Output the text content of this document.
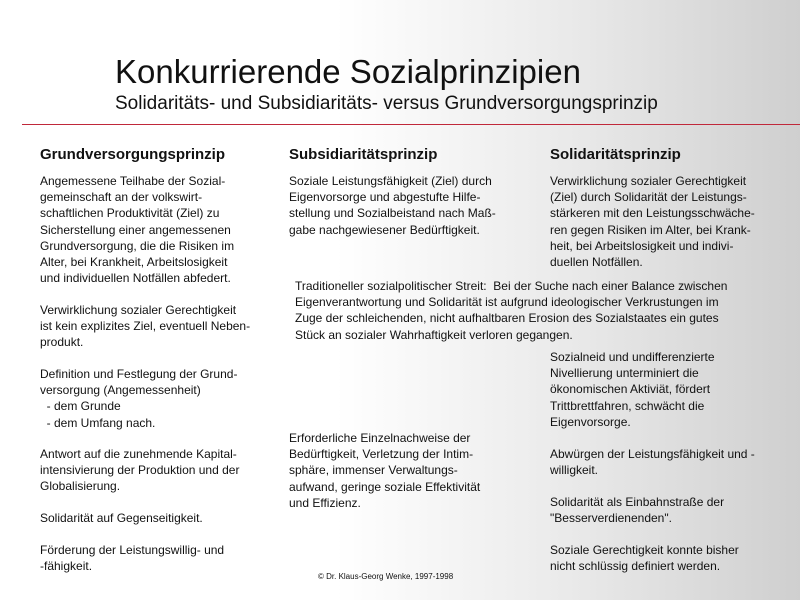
Konkurrierende Sozialprinzipien
Solidaritäts- und Subsidiaritäts- versus Grundversorgungsprinzip
Grundversorgungsprinzip	Subsidiaritätsprinzip	Solidaritätsprinzip
Angemessene Teilhabe der Sozial-
gemeinschaft an der volkswirt-
schaftlichen Produktivität (Ziel) zu
Sicherstellung einer angemessenen
Grundversorgung, die die Risiken im
Alter, bei Krankheit, Arbeitslosigkeit
und individuellen Notfällen abfedert.
Verwirklichung sozialer Gerechtigkeit
ist kein explizites Ziel, eventuell Neben-
produkt.
Definition und Festlegung der Grund-
versorgung (Angemessenheit)
- dem Grunde
- dem Umfang nach.
Antwort auf die zunehmende Kapital-
intensivierung der Produktion und der
Globalisierung.
Solidarität auf Gegenseitigkeit.
Förderung der Leistungswillig- und
-fähigkeit.
Soziale Leistungsfähigkeit (Ziel) durch
Eigenvorsorge und abgestufte Hilfe-
stellung und Sozialbeistand nach Maß-
gabe nachgewiesener Bedürftigkeit.
Erforderliche Einzelnachweise der
Bedürftigkeit, Verletzung der Intim-
sphäre, immenser Verwaltungs-
aufwand, geringe soziale Effektivität
und Effizienz.
Verwirklichung sozialer Gerechtigkeit
(Ziel) durch Solidarität der Leistungs-
stärkeren mit den Leistungsschwäche-
ren gegen Risiken im Alter, bei Krank-
heit, bei Arbeitslosigkeit und indivi-
duellen Notfällen.
Sozialneid und undifferenzierte
Nivellierung unterminiert die
ökonomischen Aktiviät, fördert
Trittbrettfahren, schwächt die
Eigenvorsorge.
Abwürgen der Leistungsfähigkeit und -
willigkeit.
Solidarität als Einbahnstraße der
"Besserverdienenden".
Soziale Gerechtigkeit konnte bisher
nicht schlüssig definiert werden.
Traditioneller sozialpolitischer Streit:  Bei der Suche nach einer Balance zwischen
Eigenverantwortung und Solidarität ist aufgrund ideologischer Verkrustungen im
Zuge der schleichenden, nicht aufhaltbaren Erosion des Sozialstaates ein gutes
Stück an sozialer Wahrhaftigkeit verloren gegangen.
© Dr. Klaus-Georg Wenke, 1997-1998
